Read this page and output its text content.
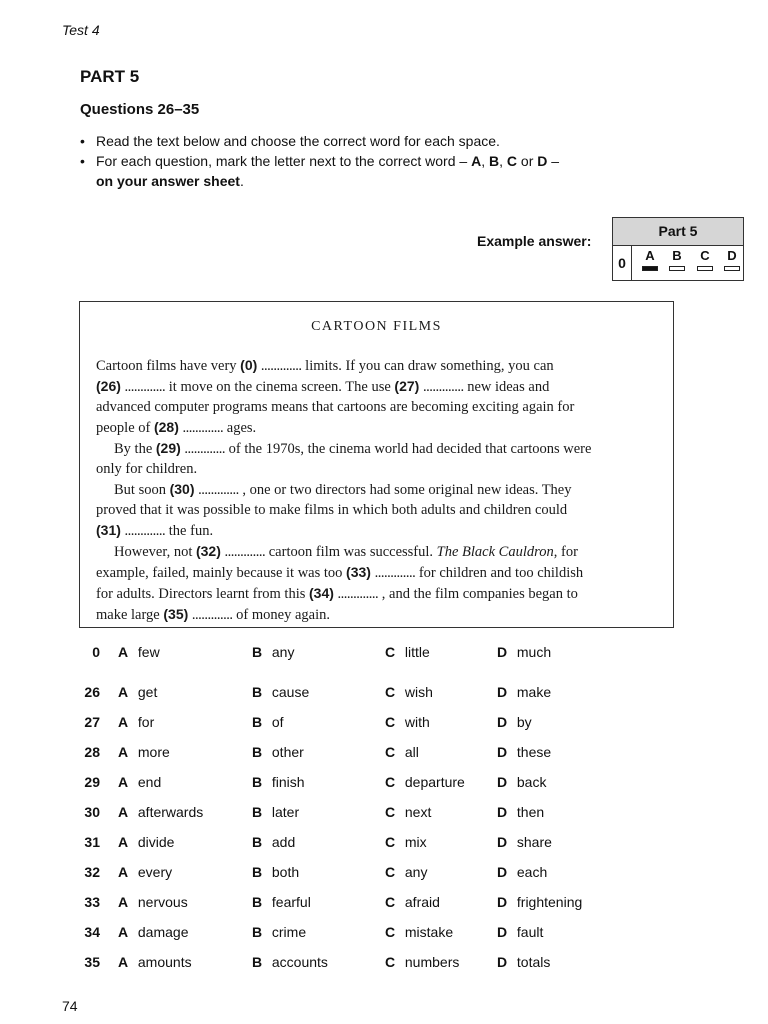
Test 4
PART 5
Questions 26–35
• Read the text below and choose the correct word for each space.
• For each question, mark the letter next to the correct word – A, B, C or D –
on your answer sheet.
Example answer:
Part 5
0	A	B	C	D
CARTOON FILMS
Cartoon films have very (0) ............. limits. If you can draw something, you can
(26) ............. it move on the cinema screen. The use (27) ............. new ideas and
advanced computer programs means that cartoons are becoming exciting again for
people of (28) ............. ages.
By the (29) ............. of the 1970s, the cinema world had decided that cartoons were
only for children.
But soon (30) ............. , one or two directors had some original new ideas. They
proved that it was possible to make films in which both adults and children could
(31) ............. the fun.
However, not (32) ............. cartoon film was successful. The Black Cauldron, for
example, failed, mainly because it was too (33) ............. for children and too childish
for adults. Directors learnt from this (34) ............. , and the film companies began to
make large (35) ............. of money again.
0 A few	B any	C little	D much
26 A get	B cause	C wish	D make
27 A for	B of	C with	D by
28 A more	B other	C all	D these
29 A end	B finish	C departure D back
30 A afterwards	B later	C next	D then
31 A divide	B add	C mix	D share
32 A every	B both	C any	D each
33 A nervous	B fearful	C afraid	D frightening
34 A damage	B crime	C mistake	D fault
35 A amounts	B accounts	C numbers	D totals
74
